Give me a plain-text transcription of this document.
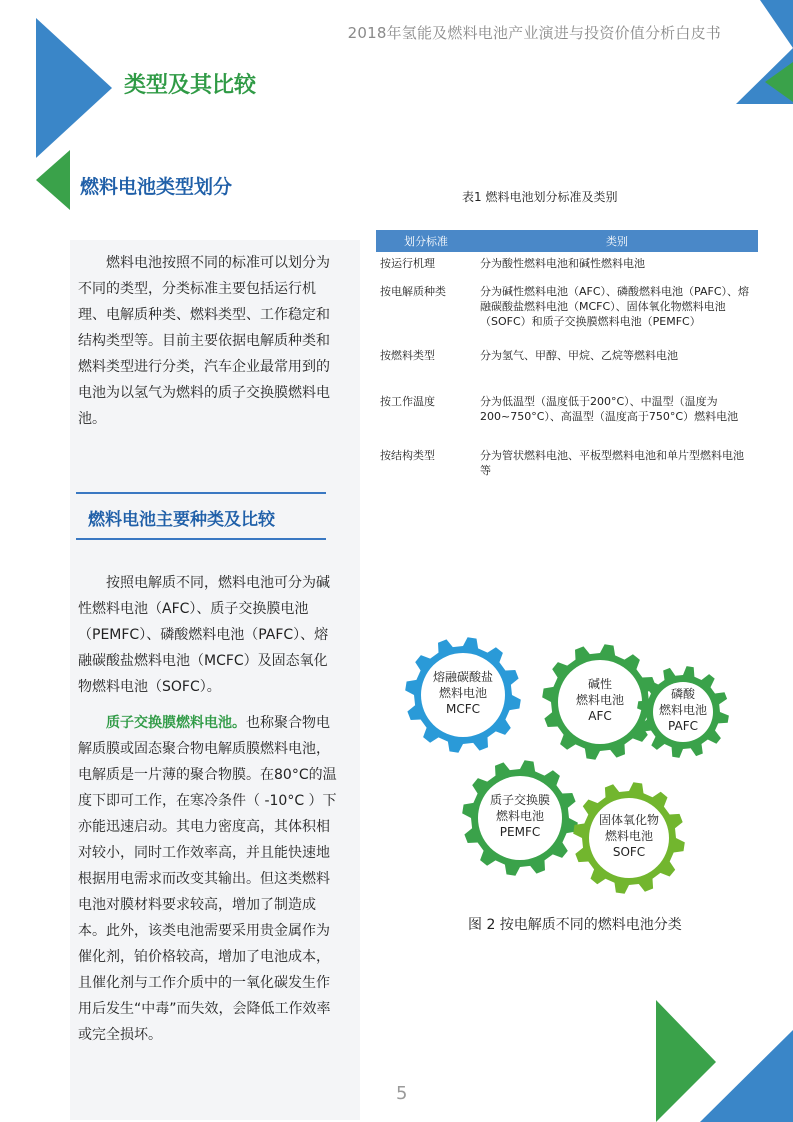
2018年氢能及燃料电池产业演进与投资价值分析白皮书
类型及其比较
燃料电池类型划分
燃料电池按照不同的标准可以划分为不同的类型，分类标准主要包括运行机理、电解质种类、燃料类型、工作稳定和结构类型等。目前主要依据电解质种类和燃料类型进行分类，汽车企业最常用到的电池为以氢气为燃料的质子交换膜燃料电池。
燃料电池主要种类及比较
按照电解质不同，燃料电池可分为碱性燃料电池（AFC）、质子交换膜电池（PEMFC）、磷酸燃料电池（PAFC）、熔融碳酸盐燃料电池（MCFC）及固态氧化物燃料电池（SOFC）。
质子交换膜燃料电池。也称聚合物电解质膜或固态聚合物电解质膜燃料电池，电解质是一片薄的聚合物膜。在80°C的温度下即可工作，在寒冷条件（ -10°C ）下亦能迅速启动。其电力密度高，其体积相对较小，同时工作效率高，并且能快速地根据用电需求而改变其输出。但这类燃料电池对膜材料要求较高，增加了制造成本。此外，该类电池需要采用贵金属作为催化剂，铂价格较高，增加了电池成本，且催化剂与工作介质中的一氧化碳发生作用后发生“中毒”而失效，会降低工作效率或完全损坏。
表1 燃料电池划分标准及类别
划分标准	类别
按运行机理	分为酸性燃料电池和碱性燃料电池
按电解质种类	分为碱性燃料电池（AFC）、磷酸燃料电池（PAFC）、熔融碳酸盐燃料电池（MCFC）、固体氧化物燃料电池（SOFC）和质子交换膜燃料电池（PEMFC）
按燃料类型	分为氢气、甲醇、甲烷、乙烷等燃料电池
按工作温度	分为低温型（温度低于200°C）、中温型（温度为200~750°C）、高温型（温度高于750°C）燃料电池
按结构类型	分为管状燃料电池、平板型燃料电池和单片型燃料电池等
熔融碳酸盐
燃料电池
MCFC
碱性
燃料电池
AFC
磷酸
燃料电池
PAFC
质子交换膜
燃料电池
PEMFC
固体氧化物
燃料电池
SOFC
图 2 按电解质不同的燃料电池分类
5
